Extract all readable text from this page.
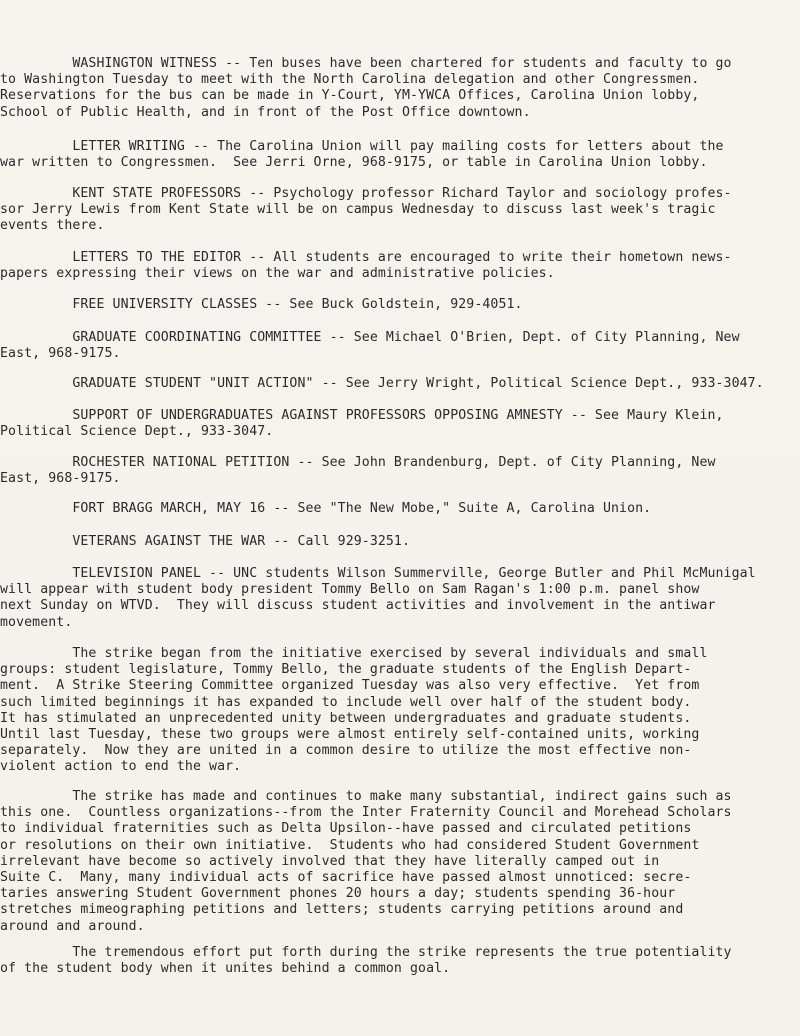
WASHINGTON WITNESS -- Ten buses have been chartered for students and faculty to go
to Washington Tuesday to meet with the North Carolina delegation and other Congressmen.
Reservations for the bus can be made in Y-Court, YM-YWCA Offices, Carolina Union lobby,
School of Public Health, and in front of the Post Office downtown.
LETTER WRITING -- The Carolina Union will pay mailing costs for letters about the
war written to Congressmen.  See Jerri Orne, 968-9175, or table in Carolina Union lobby.
KENT STATE PROFESSORS -- Psychology professor Richard Taylor and sociology profes-
sor Jerry Lewis from Kent State will be on campus Wednesday to discuss last week's tragic
events there.
LETTERS TO THE EDITOR -- All students are encouraged to write their hometown news-
papers expressing their views on the war and administrative policies.
FREE UNIVERSITY CLASSES -- See Buck Goldstein, 929-4051.
GRADUATE COORDINATING COMMITTEE -- See Michael O'Brien, Dept. of City Planning, New
East, 968-9175.
GRADUATE STUDENT "UNIT ACTION" -- See Jerry Wright, Political Science Dept., 933-3047.
SUPPORT OF UNDERGRADUATES AGAINST PROFESSORS OPPOSING AMNESTY -- See Maury Klein,
Political Science Dept., 933-3047.
ROCHESTER NATIONAL PETITION -- See John Brandenburg, Dept. of City Planning, New
East, 968-9175.
FORT BRAGG MARCH, MAY 16 -- See "The New Mobe," Suite A, Carolina Union.
VETERANS AGAINST THE WAR -- Call 929-3251.
TELEVISION PANEL -- UNC students Wilson Summerville, George Butler and Phil McMunigal
will appear with student body president Tommy Bello on Sam Ragan's 1:00 p.m. panel show
next Sunday on WTVD.  They will discuss student activities and involvement in the antiwar
movement.
The strike began from the initiative exercised by several individuals and small
groups: student legislature, Tommy Bello, the graduate students of the English Depart-
ment.  A Strike Steering Committee organized Tuesday was also very effective.  Yet from
such limited beginnings it has expanded to include well over half of the student body.
It has stimulated an unprecedented unity between undergraduates and graduate students.
Until last Tuesday, these two groups were almost entirely self-contained units, working
separately.  Now they are united in a common desire to utilize the most effective non-
violent action to end the war.
The strike has made and continues to make many substantial, indirect gains such as
this one.  Countless organizations--from the Inter Fraternity Council and Morehead Scholars
to individual fraternities such as Delta Upsilon--have passed and circulated petitions
or resolutions on their own initiative.  Students who had considered Student Government
irrelevant have become so actively involved that they have literally camped out in
Suite C.  Many, many individual acts of sacrifice have passed almost unnoticed: secre-
taries answering Student Government phones 20 hours a day; students spending 36-hour
stretches mimeographing petitions and letters; students carrying petitions around and
around and around.
The tremendous effort put forth during the strike represents the true potentiality
of the student body when it unites behind a common goal.
